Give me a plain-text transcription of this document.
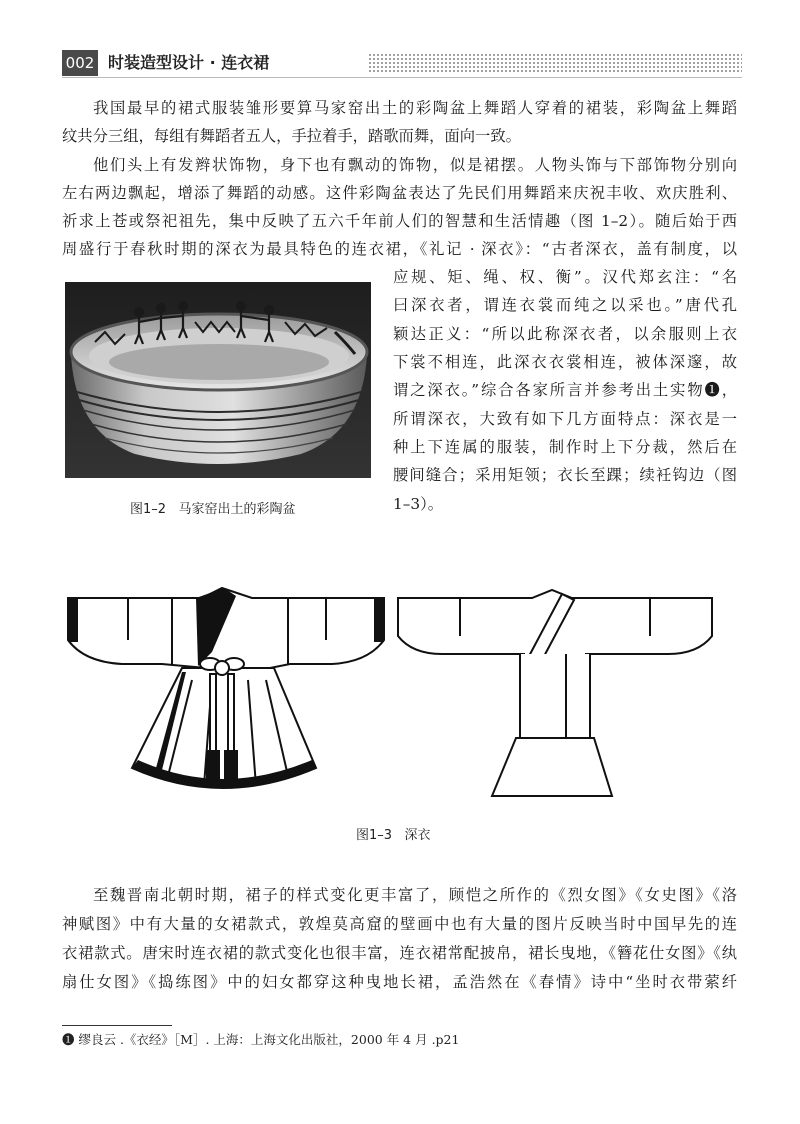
002 时装造型设计 · 连衣裙

我国最早的裙式服装雏形要算马家窑出土的彩陶盆上舞蹈人穿着的裙装，彩陶盆上舞蹈

纹共分三组，每组有舞蹈者五人，手拉着手，踏歌而舞，面向一致。

他们头上有发辫状饰物，身下也有飘动的饰物，似是裙摆。人物头饰与下部饰物分别向

左右两边飘起，增添了舞蹈的动感。这件彩陶盆表达了先民们用舞蹈来庆祝丰收、欢庆胜利、

祈求上苍或祭祀祖先，集中反映了五六千年前人们的智慧和生活情趣（图 1–2）。随后始于西

周盛行于春秋时期的深衣为最具特色的连衣裙，《礼记 · 深衣》：“古者深衣，盖有制度，以

应规、矩、绳、权、衡”。汉代郑玄注：“名

曰深衣者，谓连衣裳而纯之以采也。”唐代孔

颖达正义：“所以此称深衣者，以余服则上衣

下裳不相连，此深衣衣裳相连，被体深邃，故

谓之深衣。”综合各家所言并参考出土实物❶，

所谓深衣，大致有如下几方面特点：深衣是一

种上下连属的服装，制作时上下分裁，然后在

腰间缝合；采用矩领；衣长至踝；续衽钩边（图

1–3）。

图1–2   马家窑出土的彩陶盆
图1–3   深衣

至魏晋南北朝时期，裙子的样式变化更丰富了，顾恺之所作的《烈女图》《女史图》《洛

神赋图》中有大量的女裙款式，敦煌莫高窟的壁画中也有大量的图片反映当时中国早先的连

衣裙款式。唐宋时连衣裙的款式变化也很丰富，连衣裙常配披帛，裙长曳地，《簪花仕女图》《纨

扇仕女图》《捣练图》中的妇女都穿这种曳地长裙，孟浩然在《春情》诗中“坐时衣带萦纤

❶ 缪良云 .《衣经》［M］. 上海：上海文化出版社，2000 年 4 月 .p21
